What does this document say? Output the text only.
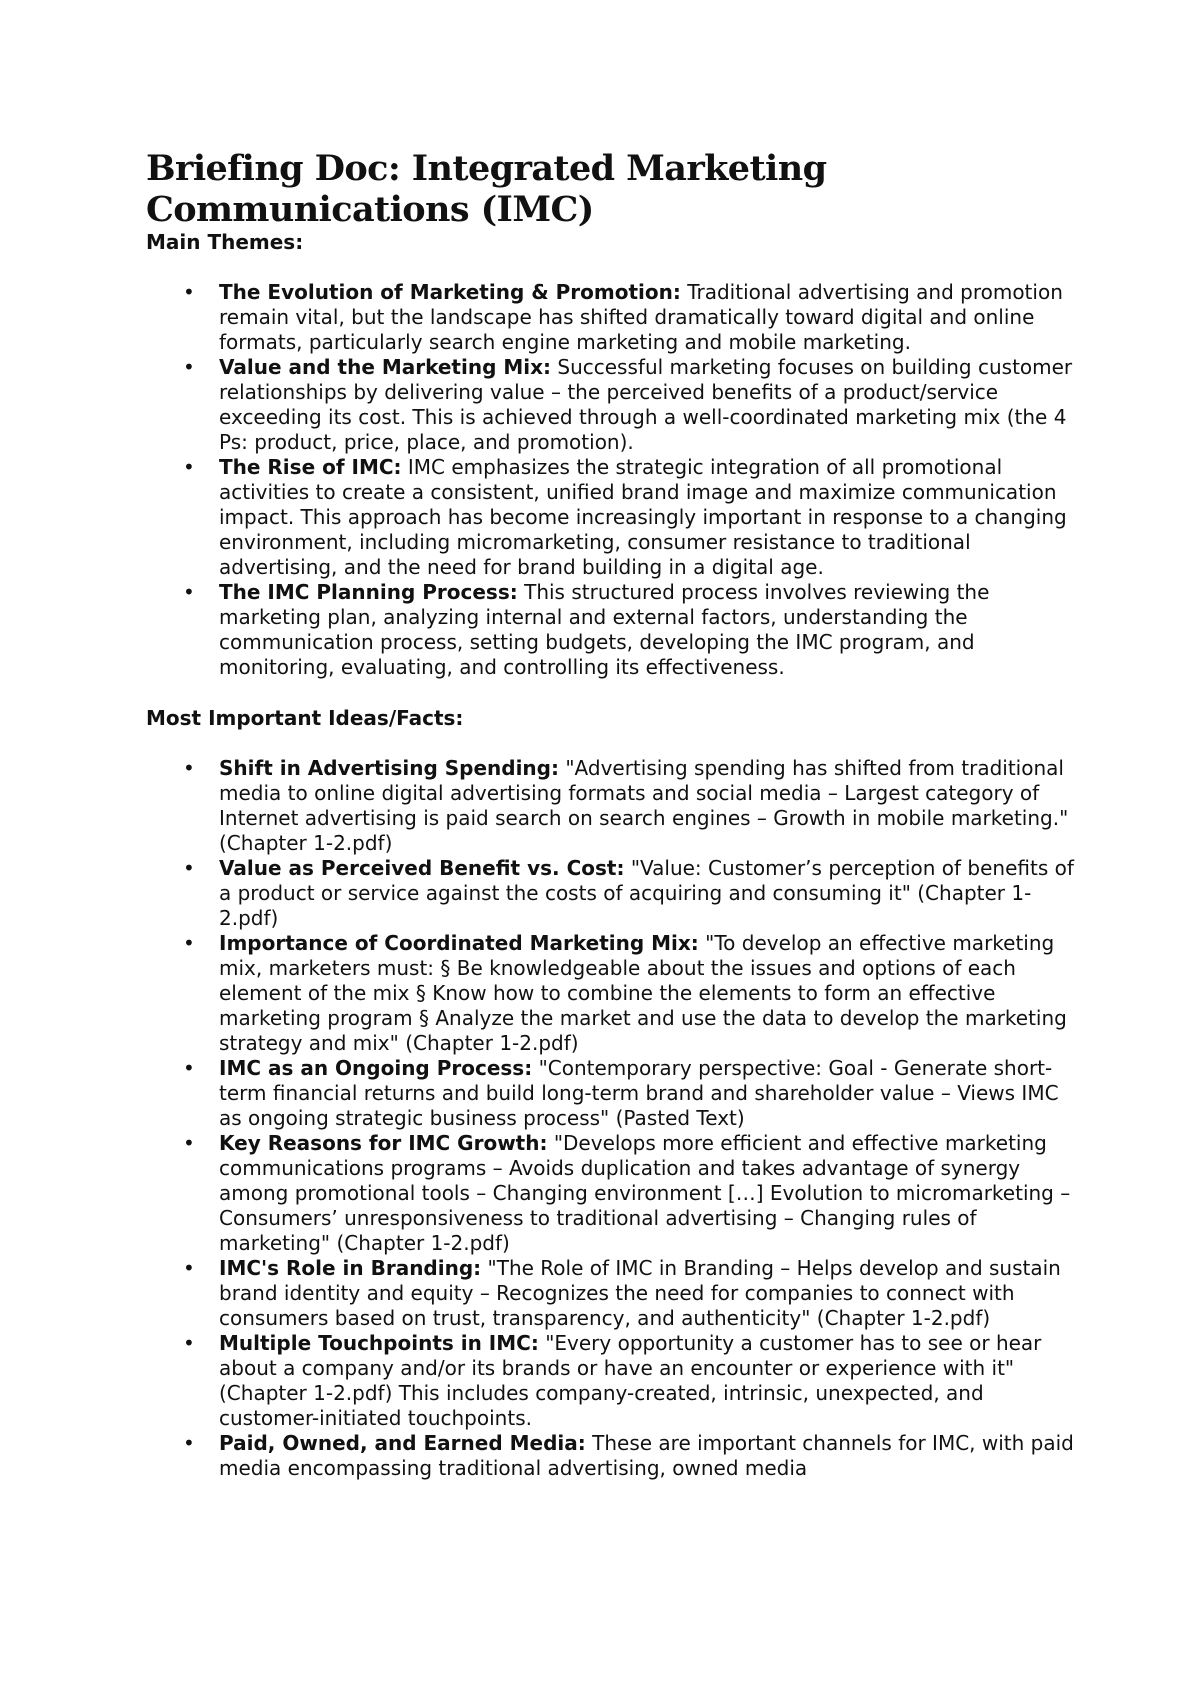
Briefing Doc: Integrated Marketing Communications (IMC)
Main Themes:
• The Evolution of Marketing & Promotion: Traditional advertising and promotion remain vital, but the landscape has shifted dramatically toward digital and online formats, particularly search engine marketing and mobile marketing.
• Value and the Marketing Mix: Successful marketing focuses on building customer relationships by delivering value – the perceived benefits of a product/service exceeding its cost. This is achieved through a well-coordinated marketing mix (the 4 Ps: product, price, place, and promotion).
• The Rise of IMC: IMC emphasizes the strategic integration of all promotional activities to create a consistent, unified brand image and maximize communication impact. This approach has become increasingly important in response to a changing environment, including micromarketing, consumer resistance to traditional advertising, and the need for brand building in a digital age.
• The IMC Planning Process: This structured process involves reviewing the marketing plan, analyzing internal and external factors, understanding the communication process, setting budgets, developing the IMC program, and monitoring, evaluating, and controlling its effectiveness.
Most Important Ideas/Facts:
• Shift in Advertising Spending: "Advertising spending has shifted from traditional media to online digital advertising formats and social media – Largest category of Internet advertising is paid search on search engines – Growth in mobile marketing." (Chapter 1-2.pdf)
• Value as Perceived Benefit vs. Cost: "Value: Customer’s perception of benefits of a product or service against the costs of acquiring and consuming it" (Chapter 1-2.pdf)
• Importance of Coordinated Marketing Mix: "To develop an effective marketing mix, marketers must: § Be knowledgeable about the issues and options of each element of the mix § Know how to combine the elements to form an effective marketing program § Analyze the market and use the data to develop the marketing strategy and mix" (Chapter 1-2.pdf)
• IMC as an Ongoing Process: "Contemporary perspective: Goal - Generate short-term financial returns and build long-term brand and shareholder value – Views IMC as ongoing strategic business process" (Pasted Text)
• Key Reasons for IMC Growth: "Develops more efficient and effective marketing communications programs – Avoids duplication and takes advantage of synergy among promotional tools – Changing environment […] Evolution to micromarketing – Consumers’ unresponsiveness to traditional advertising – Changing rules of marketing" (Chapter 1-2.pdf)
• IMC's Role in Branding: "The Role of IMC in Branding – Helps develop and sustain brand identity and equity – Recognizes the need for companies to connect with consumers based on trust, transparency, and authenticity" (Chapter 1-2.pdf)
• Multiple Touchpoints in IMC: "Every opportunity a customer has to see or hear about a company and/or its brands or have an encounter or experience with it" (Chapter 1-2.pdf) This includes company-created, intrinsic, unexpected, and customer-initiated touchpoints.
• Paid, Owned, and Earned Media: These are important channels for IMC, with paid media encompassing traditional advertising, owned media
